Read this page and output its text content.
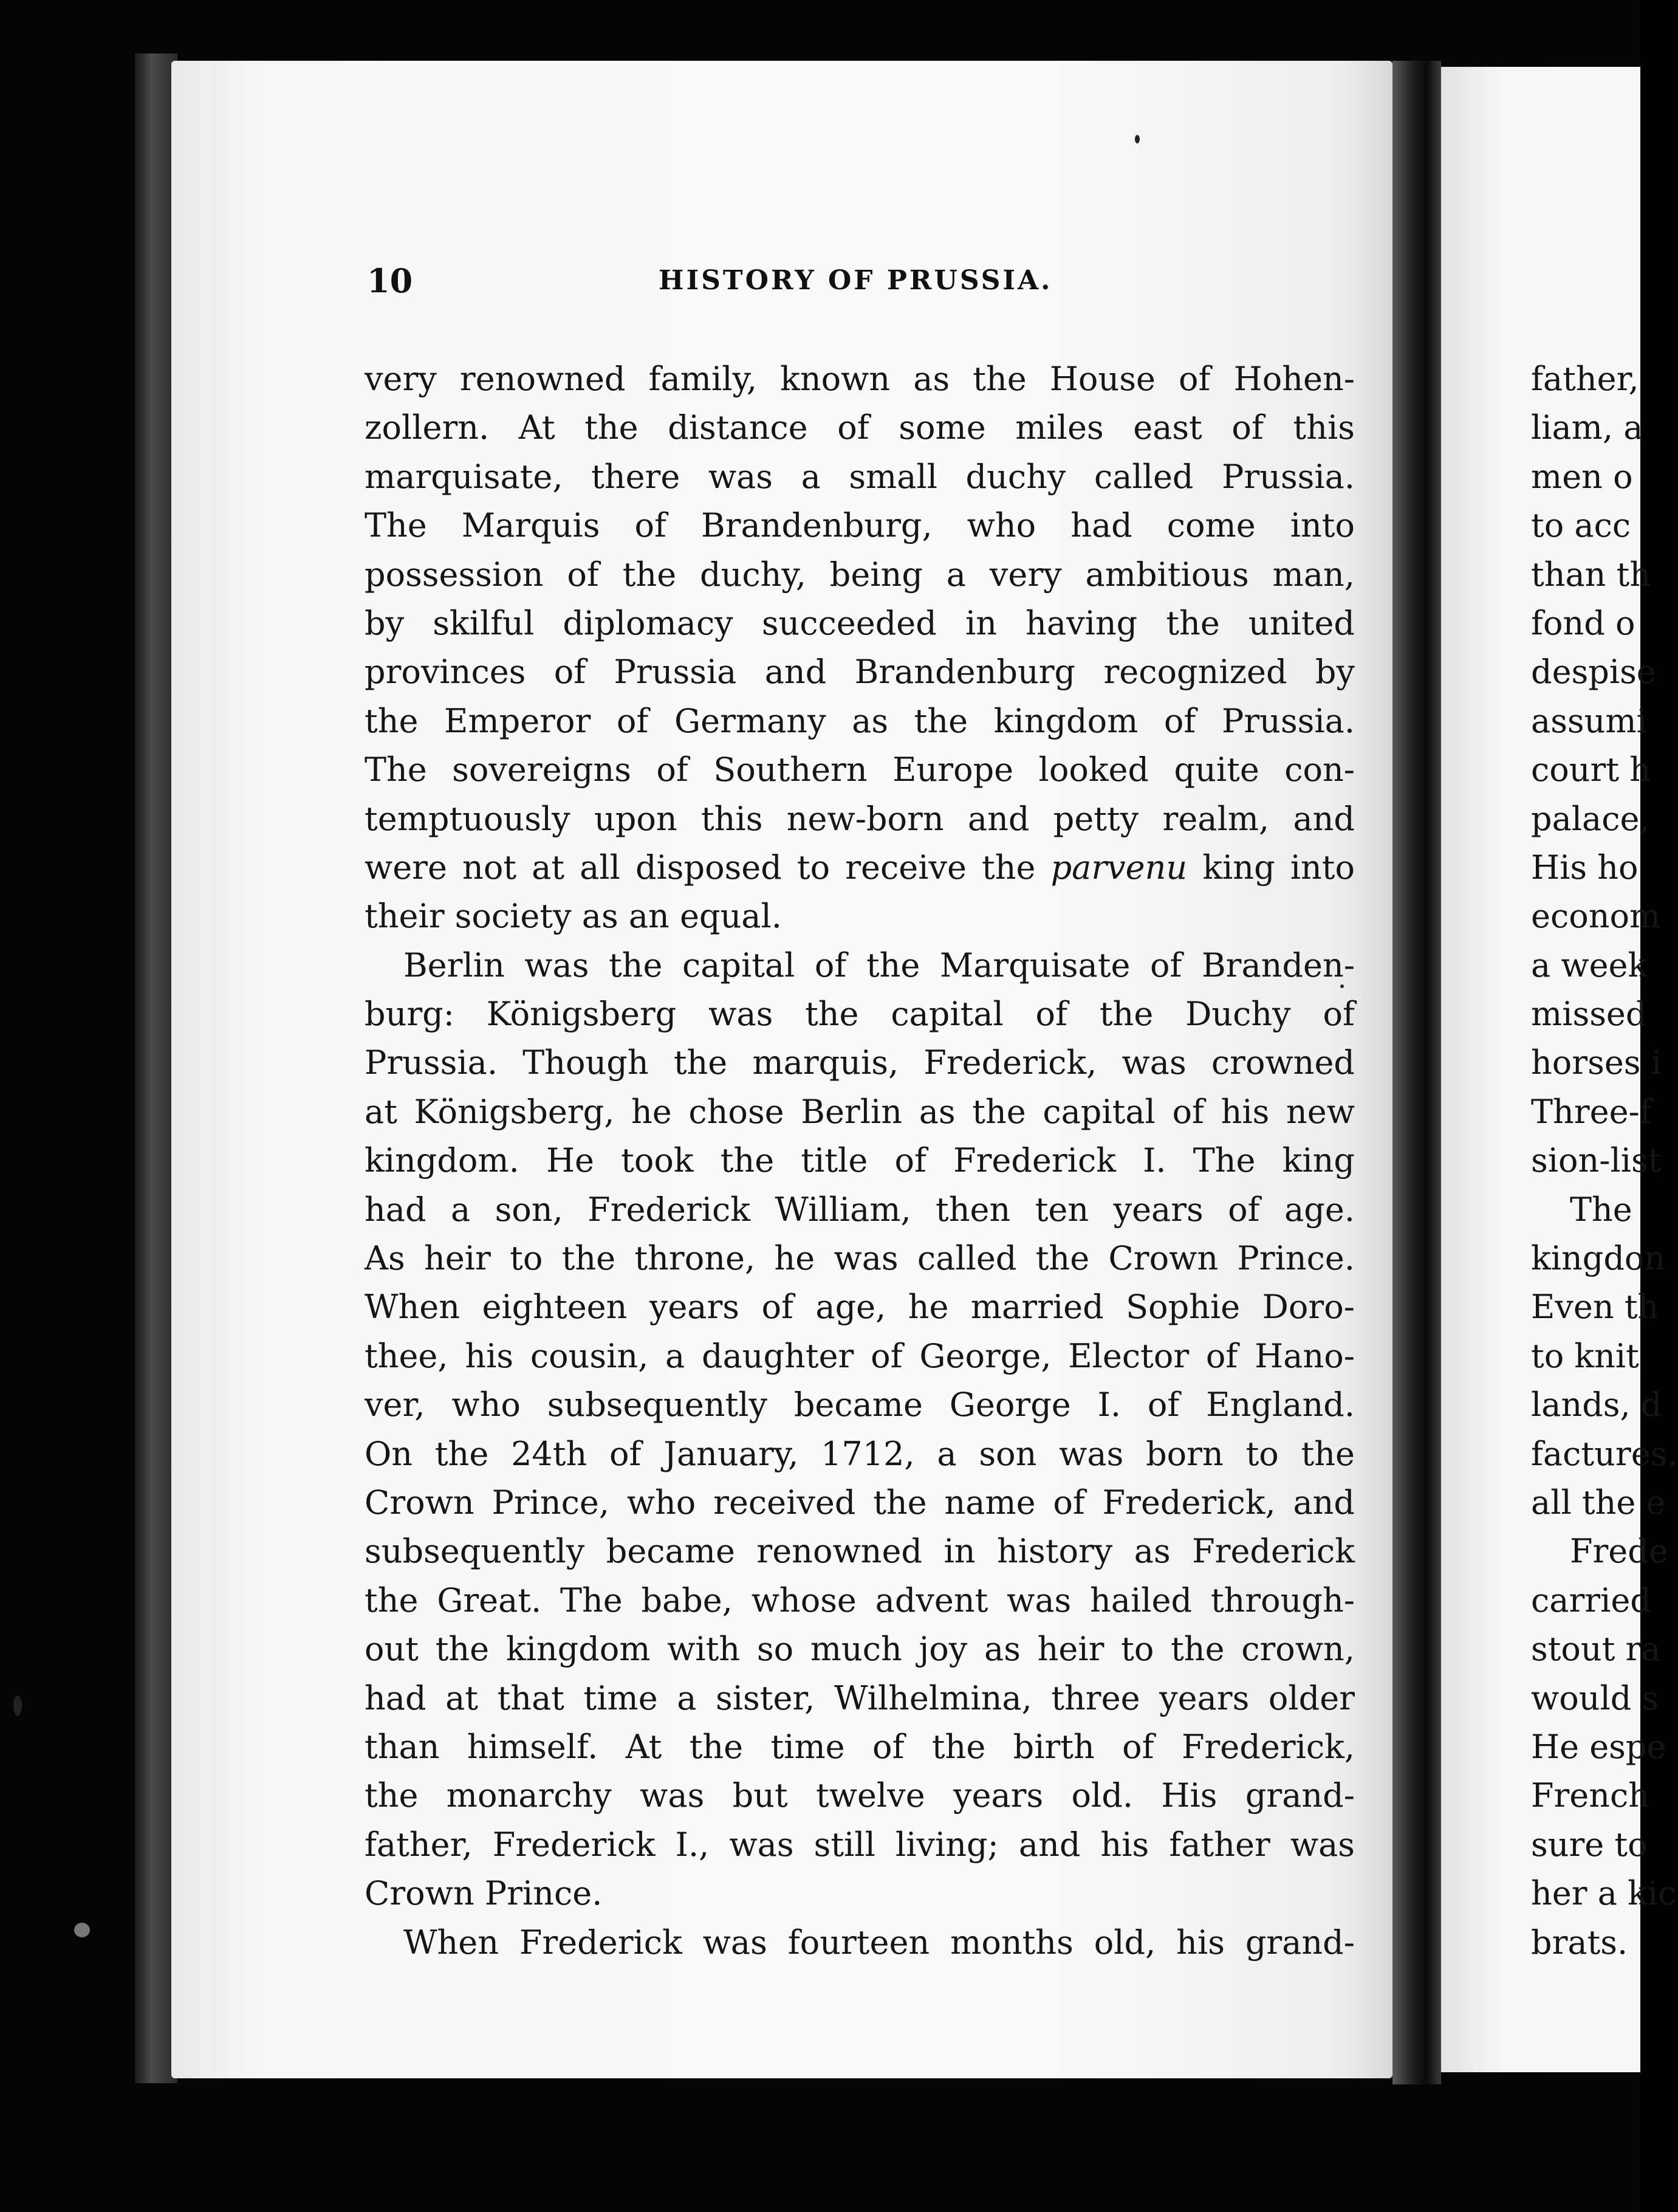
10	HISTORY OF PRUSSIA.
very renowned family, known as the House of Hohen-
zollern. At the distance of some miles east of this
marquisate, there was a small duchy called Prussia.
The Marquis of Brandenburg, who had come into
possession of the duchy, being a very ambitious man,
by skilful diplomacy succeeded in having the united
provinces of Prussia and Brandenburg recognized by
the Emperor of Germany as the kingdom of Prussia.
The sovereigns of Southern Europe looked quite con-
temptuously upon this new-born and petty realm, and
were not at all disposed to receive the parvenu king into
their society as an equal.
Berlin was the capital of the Marquisate of Branden-
burg: Königsberg was the capital of the Duchy of
Prussia. Though the marquis, Frederick, was crowned
at Königsberg, he chose Berlin as the capital of his new
kingdom. He took the title of Frederick I. The king
had a son, Frederick William, then ten years of age.
As heir to the throne, he was called the Crown Prince.
When eighteen years of age, he married Sophie Doro-
thee, his cousin, a daughter of George, Elector of Hano-
ver, who subsequently became George I. of England.
On the 24th of January, 1712, a son was born to the
Crown Prince, who received the name of Frederick, and
subsequently became renowned in history as Frederick
the Great. The babe, whose advent was hailed through-
out the kingdom with so much joy as heir to the crown,
had at that time a sister, Wilhelmina, three years older
than himself. At the time of the birth of Frederick,
the monarchy was but twelve years old. His grand-
father, Frederick I., was still living; and his father was
Crown Prince.
When Frederick was fourteen months old, his grand-
father,
liam, a
men o
to acc
than th
fond o
despise
assumi
court h
palace,
His ho
econom
a week
missed
horses i
Three-f
sion-list
The
kingdon
Even th
to knit
lands, d
factures.
all the e
Frede
carried
stout ra
would s
He espe
French
sure to
her a kic
brats.
